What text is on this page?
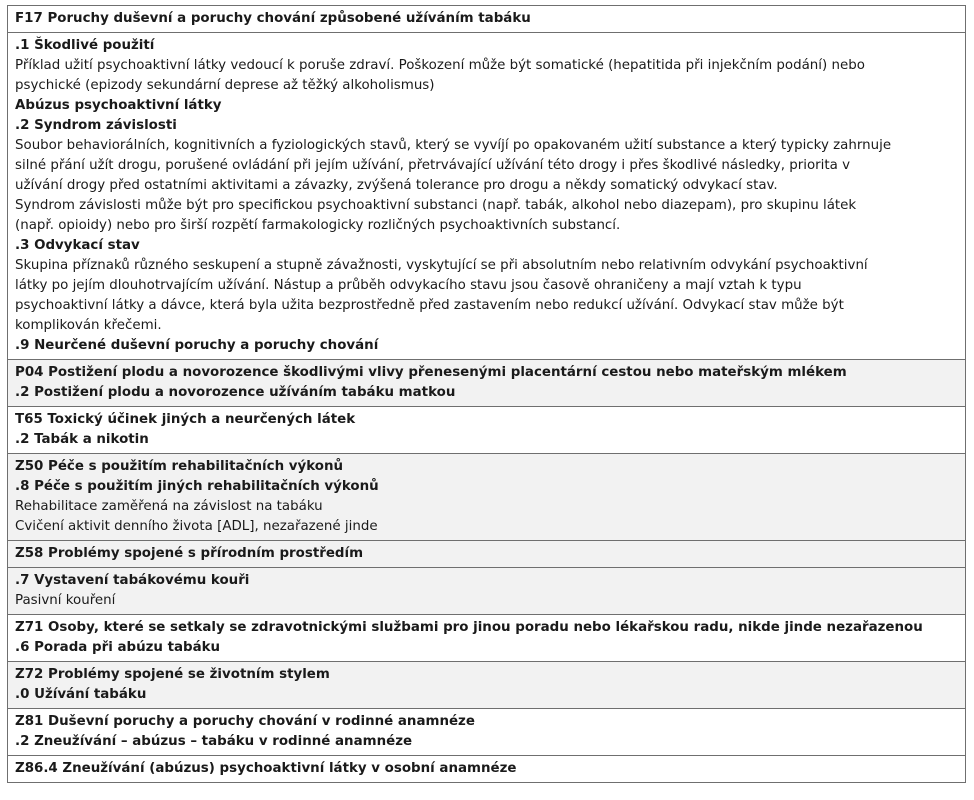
F17 Poruchy duševní a poruchy chování způsobené užíváním tabáku
.1 Škodlivé použití
Příklad užití psychoaktivní látky vedoucí k poruše zdraví. Poškození může být somatické (hepatitida při injekčním podání) nebo
psychické (epizody sekundární deprese až těžký alkoholismus)
Abúzus psychoaktivní látky
.2 Syndrom závislosti
Soubor behaviorálních, kognitivních a fyziologických stavů, který se vyvíjí po opakovaném užití substance a který typicky zahrnuje
silné přání užít drogu, porušené ovládání při jejím užívání, přetrvávající užívání této drogy i přes škodlivé následky, priorita v
užívání drogy před ostatními aktivitami a závazky, zvýšená tolerance pro drogu a někdy somatický odvykací stav.
Syndrom závislosti může být pro specifickou psychoaktivní substanci (např. tabák, alkohol nebo diazepam), pro skupinu látek
(např. opioidy) nebo pro širší rozpětí farmakologicky rozličných psychoaktivních substancí.
.3 Odvykací stav
Skupina příznaků různého seskupení a stupně závažnosti, vyskytující se při absolutním nebo relativním odvykání psychoaktivní
látky po jejím dlouhotrvajícím užívání. Nástup a průběh odvykacího stavu jsou časově ohraničeny a mají vztah k typu
psychoaktivní látky a dávce, která byla užita bezprostředně před zastavením nebo redukcí užívání. Odvykací stav může být
komplikován křečemi.
.9 Neurčené duševní poruchy a poruchy chování
P04 Postižení plodu a novorozence škodlivými vlivy přenesenými placentární cestou nebo mateřským mlékem
.2 Postižení plodu a novorozence užíváním tabáku matkou
T65 Toxický účinek jiných a neurčených látek
.2 Tabák a nikotin
Z50 Péče s použitím rehabilitačních výkonů
.8 Péče s použitím jiných rehabilitačních výkonů
Rehabilitace zaměřená na závislost na tabáku
Cvičení aktivit denního života [ADL], nezařazené jinde
Z58 Problémy spojené s přírodním prostředím
.7 Vystavení tabákovému kouři
Pasivní kouření
Z71 Osoby, které se setkaly se zdravotnickými službami pro jinou poradu nebo lékařskou radu, nikde jinde nezařazenou
.6 Porada při abúzu tabáku
Z72 Problémy spojené se životním stylem
.0 Užívání tabáku
Z81 Duševní poruchy a poruchy chování v rodinné anamnéze
.2 Zneužívání – abúzus – tabáku v rodinné anamnéze
Z86.4 Zneužívání (abúzus) psychoaktivní látky v osobní anamnéze
